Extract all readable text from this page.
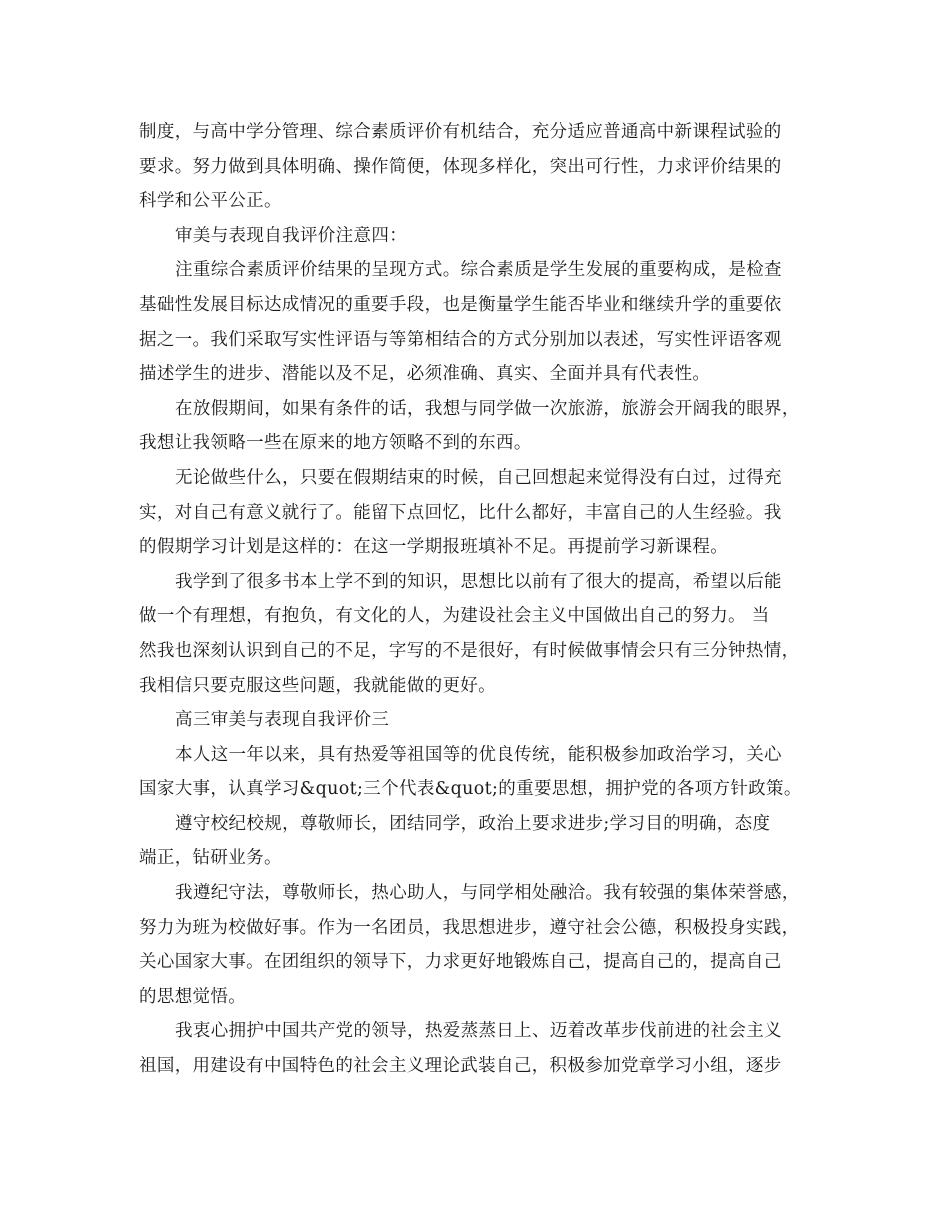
制度，与高中学分管理、综合素质评价有机结合，充分适应普通高中新课程试验的
要求。努力做到具体明确、操作简便，体现多样化，突出可行性，力求评价结果的
科学和公平公正。
审美与表现自我评价注意四：
注重综合素质评价结果的呈现方式。综合素质是学生发展的重要构成，是检查
基础性发展目标达成情况的重要手段，也是衡量学生能否毕业和继续升学的重要依
据之一。我们采取写实性评语与等第相结合的方式分别加以表述，写实性评语客观
描述学生的进步、潜能以及不足，必须准确、真实、全面并具有代表性。
在放假期间，如果有条件的话，我想与同学做一次旅游，旅游会开阔我的眼界，
我想让我领略一些在原来的地方领略不到的东西。
无论做些什么，只要在假期结束的时候，自己回想起来觉得没有白过，过得充
实，对自己有意义就行了。能留下点回忆，比什么都好，丰富自己的人生经验。我
的假期学习计划是这样的：在这一学期报班填补不足。再提前学习新课程。
我学到了很多书本上学不到的知识，思想比以前有了很大的提高，希望以后能
做一个有理想，有抱负，有文化的人，为建设社会主义中国做出自己的努力。 当
然我也深刻认识到自己的不足，字写的不是很好，有时候做事情会只有三分钟热情，
我相信只要克服这些问题，我就能做的更好。
高三审美与表现自我评价三
本人这一年以来，具有热爱等祖国等的优良传统，能积极参加政治学习，关心
国家大事，认真学习&quot;三个代表&quot;的重要思想，拥护党的各项方针政策。
遵守校纪校规，尊敬师长，团结同学，政治上要求进步;学习目的明确，态度
端正，钻研业务。
我遵纪守法，尊敬师长，热心助人，与同学相处融洽。我有较强的集体荣誉感，
努力为班为校做好事。作为一名团员，我思想进步，遵守社会公德，积极投身实践，
关心国家大事。在团组织的领导下，力求更好地锻炼自己，提高自己的，提高自己
的思想觉悟。
我衷心拥护中国共产党的领导，热爱蒸蒸日上、迈着改革步伐前进的社会主义
祖国，用建设有中国特色的社会主义理论武装自己，积极参加党章学习小组，逐步
